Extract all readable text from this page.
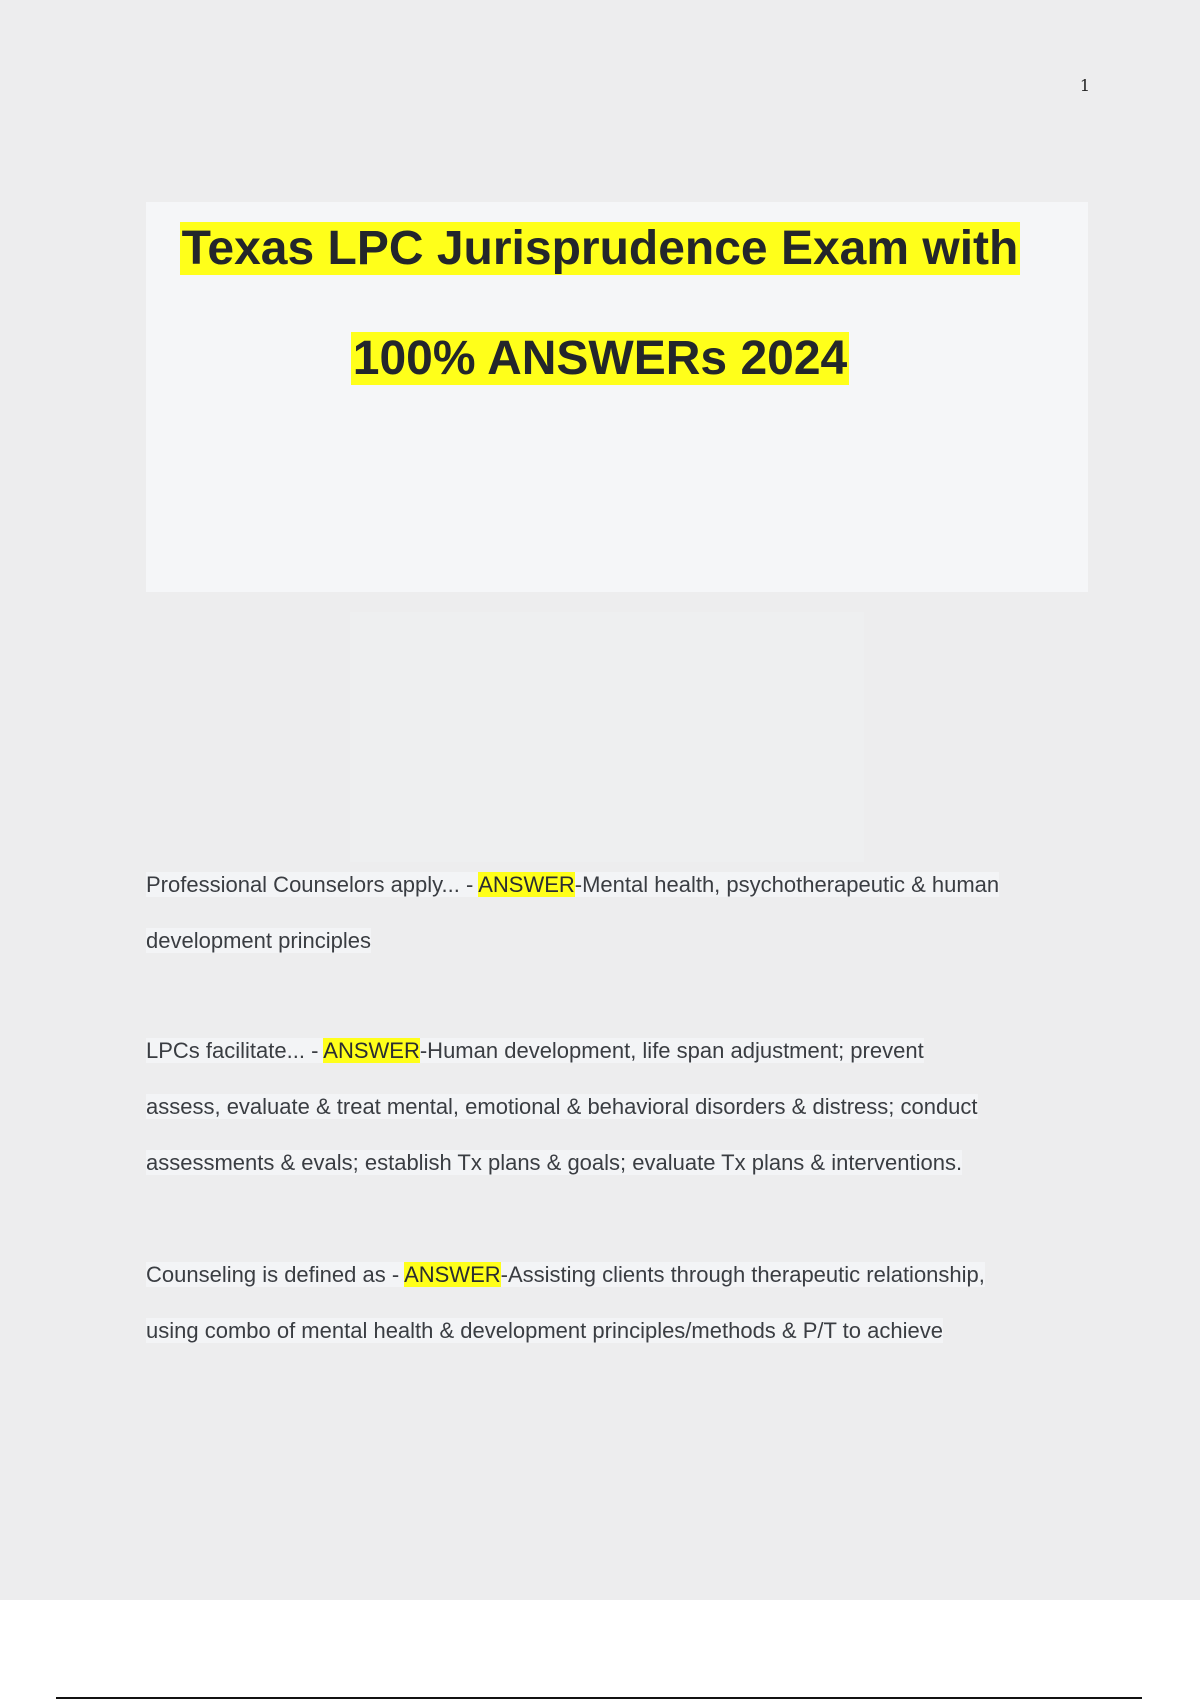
1
Texas LPC Jurisprudence Exam with
100% ANSWERs 2024
Professional Counselors apply... - ANSWER-Mental health, psychotherapeutic & human
development principles
LPCs facilitate... - ANSWER-Human development, life span adjustment; prevent
assess, evaluate & treat mental, emotional & behavioral disorders & distress; conduct
assessments & evals; establish Tx plans & goals; evaluate Tx plans & interventions.
Counseling is defined as - ANSWER-Assisting clients through therapeutic relationship,
using combo of mental health & development principles/methods & P/T to achieve
